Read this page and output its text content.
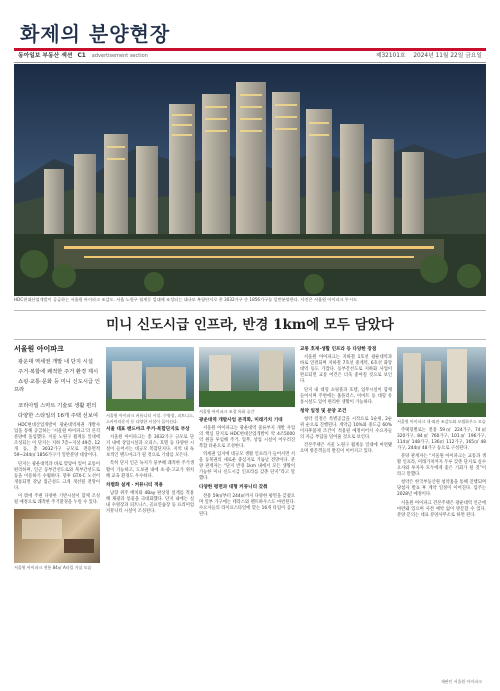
화제의 분양현장
동아일보 부동산 섹션 C1 advertisement section	제32101호 2024년 11월 22일 금요일
HDC현대산업개발이 공급하는 서울원 아이파크 조감도. 서울 노원구 월계동 일대에 조성되는 대규모 복합단지로 총 3032가구 중 1856가구를 일반분양한다. 사진은 서울원 아이파크 투시도
미니 신도시급 인프라, 반경 1km에 모두 담았다
서울원 아이파크

광운대 역세권 개발 내 단지 시설

주거·복합에 쾌적한 주거 환경 제시

쇼핑·교통·문화 등 미니 신도시급 인프라

코리아빌 스마트 기술로 생활 편의

다양한 스타일의 16개 주택 선보여

HDC현대산업개발이 광운대역세권 개발사업을 통해 공급하는 ‘서울원 아이파크’의 본격 분양에 돌입했다. 서울 노원구 월계동 일대에 조성되는 이 단지는 지하 7층~지상 49층, 12개 동, 총 3032가구 규모로 전용면적 59~244㎡ 1856가구가 일반분양 대상이다.

단지는 광운대역과 바로 맞닿아 있어 교통이 편리하며, 인근 동부간선도로와 북부간선도로 등을 이용하기 수월하다. 향후 GTX-C 노선이 개통되면 강남 접근성도 크게 개선될 전망이다.

이 밖에 주변 다양한 기반시설이 함께 조성될 예정으로 쾌적한 주거환경을 누릴 수 있다.

서울원 아이파크 전용 84㎡ A타입 거실 모습
서울원 아이파크 커뮤니티 시설. 수영장, 피트니스, 스카이라운지 등 다양한 시설이 들어선다.
서울 대표 랜드마크 주거·복합단지로 부상

서울원 아이파크는 총 3032가구 규모로 단지 내에 상업시설과 오피스, 호텔 등 다양한 시설이 들어서는 대규모 복합단지다. 지역 내 독보적인 랜드마크가 될 것으로 기대를 모은다.

특히 단지 인근 녹지가 풍부해 쾌적한 주거생활이 가능하고, 도보권 내에 초·중·고교가 위치해 교육 환경도 우수하다.

차별화 설계 · 커뮤니티 적용

남향 위주 배치와 4Bay 판상형 설계를 적용해 채광과 통풍을 극대화했다. 단지 내에는 실내 수영장과 피트니스, 골프연습장 등 프리미엄 커뮤니티 시설이 조성된다.

서울원 아이파크 조경 특화 공간
광운대역 개발사업 본격화, 미래가치 기대

서울원 아이파크는 광운대역 물류부지 개발 사업의 핵심 단지로 HDC현대산업개발이 약 4조5000억 원을 투입해 주거, 업무, 상업 시설이 어우러진 복합 타운으로 조성한다.

역세권 입지에 대규모 생활 인프라가 들어서면 서울 동북권의 새로운 중심지로 거듭날 전망이다. 분양 관계자는 “단지 반경 1km 내에서 모든 생활이 가능한 미니 신도시급 인프라를 갖춘 단지”라고 말했다.

다양한 평면과 대형 커뮤니티 갖춰

전용 59㎡부터 244㎡까지 다양한 평면을 갖췄으며 일부 가구에는 테라스와 펜트하우스도 마련된다. 수요자들의 라이프스타일에 맞는 16개 타입이 공급된다.

교통 호재·생활 인프라 등 다양한 장점

서울원 아이파크는 지하철 1호선 광운대역과 바로 연결되며 지하철 7호선 중계역, 6호선 화랑대역 등도 가깝다. 동부간선도로 지하화 사업이 완료되면 교통 여건은 더욱 좋아질 것으로 보인다.

단지 내 대형 쇼핑몰과 호텔, 업무시설이 함께 들어서며 주변에는 홈플러스, 이마트 등 대형 유통시설도 있어 편리한 생활이 가능하다.

청약 일정 및 분양 조건

청약 일정은 특별공급을 시작으로 1순위, 2순위 순으로 진행된다. 계약금 10%와 중도금 60% 이자후불제 조건이 적용될 예정이어서 수요자들의 자금 부담을 덜어줄 것으로 보인다.

견본주택은 서울 노원구 월계동 일대에 마련됐으며 방문객들의 발길이 이어지고 있다.

서울원 아이파크 내·외관 조감도와 모델하우스 모습

주택형별로는 전용 59㎡ 224가구, 74㎡ 320가구, 84㎡ 760가구, 101㎡ 196가구, 114㎡ 148가구, 136㎡ 112가구, 165㎡ 48가구, 244㎡ 48가구 등으로 구성된다.

분양 관계자는 “서울원 아이파크는 교통과 생활 인프라, 미래가치까지 두루 갖춘 단지로 실수요자와 투자자 모두에게 좋은 기회가 될 것”이라고 말했다.

청약은 한국부동산원 청약홈을 통해 진행되며 당첨자 발표 후 계약 일정이 이어진다. 입주는 2028년 예정이다.

서울원 아이파크 견본주택은 광운대역 인근에 마련돼 있으며 사전 예약 없이 방문할 수 있다. 분양 문의는 대표 분양사무소로 하면 된다.

재판인 서울원 아이파크
